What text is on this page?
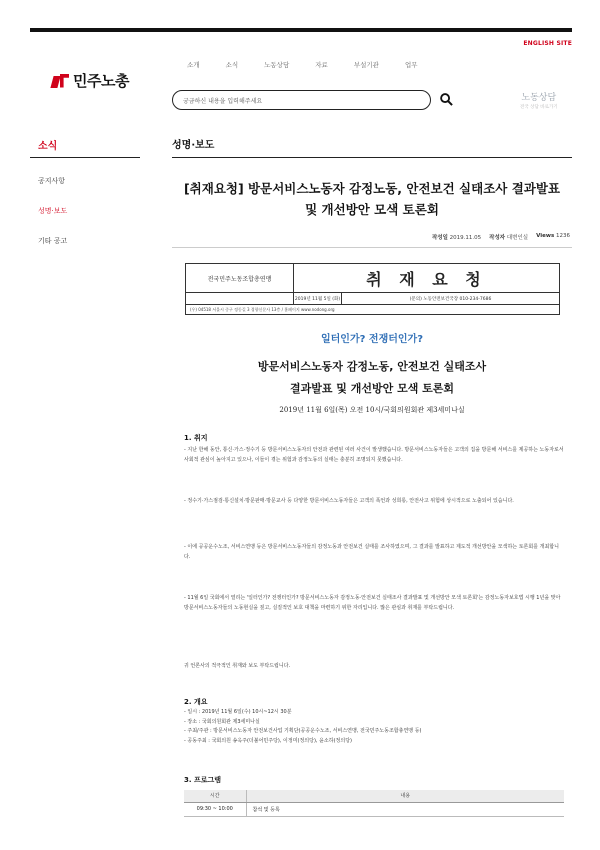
ENGLISH SITE
민주노총
소개	소식	노동상담	자료	부설기관	업무
궁금하신 내용을 입력해주세요	노동상담
전국 상담 바로가기
소식
공지사항
성명·보도
기타 공고
성명·보도
[취재요청] 방문서비스노동자 감정노동, 안전보건 실태조사 결과발표
및 개선방안 모색 토론회
작성일 2019.11.05 작성자 대변인실 Views 1236
전국민주노동조합총연맹	취 재 요 청
2019년 11월 5일 (화)	(문의) 노동안전보건국장 010-234-7686
(우) 04518 서울시 중구 정동길 3 경향신문사 13층 / 홈페이지 www.nodong.org
일터인가? 전쟁터인가?
방문서비스노동자 감정노동, 안전보건 실태조사
결과발표 및 개선방안 모색 토론회
2019년 11월 6일(목) 오전 10시/국회의원회관 제3세미나실
1. 취지
- 지난 한해 동안, 통신·가스·정수기 등 방문서비스노동자의 안전과 관련된 여러 사건이 발생했습니다. 방문서비스노동자들은 고객의 집을 방문해 서비스를 제공하는 노동자로서 사회적 관심이 높아지고 있으나, 이들이 겪는 위험과 감정노동의 실태는 충분히 조명되지 못했습니다.
- 정수기·가스점검·통신설치·방문판매·방문교사 등 다양한 방문서비스노동자들은 고객의 폭언과 성희롱, 안전사고 위험에 상시적으로 노출되어 있습니다.
- 이에 공공운수노조, 서비스연맹 등은 방문서비스노동자들의 감정노동과 안전보건 실태를 조사하였으며, 그 결과를 발표하고 제도적 개선방안을 모색하는 토론회를 개최합니다.
- 11월 6일 국회에서 열리는 '일터인가? 전쟁터인가? 방문서비스노동자 감정노동·안전보건 실태조사 결과발표 및 개선방안 모색 토론회'는 감정노동자보호법 시행 1년을 맞아 방문서비스노동자들의 노동현실을 짚고, 실질적인 보호 대책을 마련하기 위한 자리입니다. 많은 관심과 취재를 부탁드립니다.
귀 언론사의 적극적인 취재와 보도 부탁드립니다.
2. 개요
- 일시 : 2019년 11월 6일(수) 10시~12시 30분
- 장소 : 국회의원회관 제3세미나실
- 주최/주관 : 방문서비스노동자 안전보건사업 기획단(공공운수노조, 서비스연맹, 전국민주노동조합총연맹 등)
- 공동주최 : 국회의원 송옥주(더불어민주당), 이정미(정의당), 윤소하(정의당)
3. 프로그램
시간	내용
09:30 ~ 10:00	참석 및 등록
